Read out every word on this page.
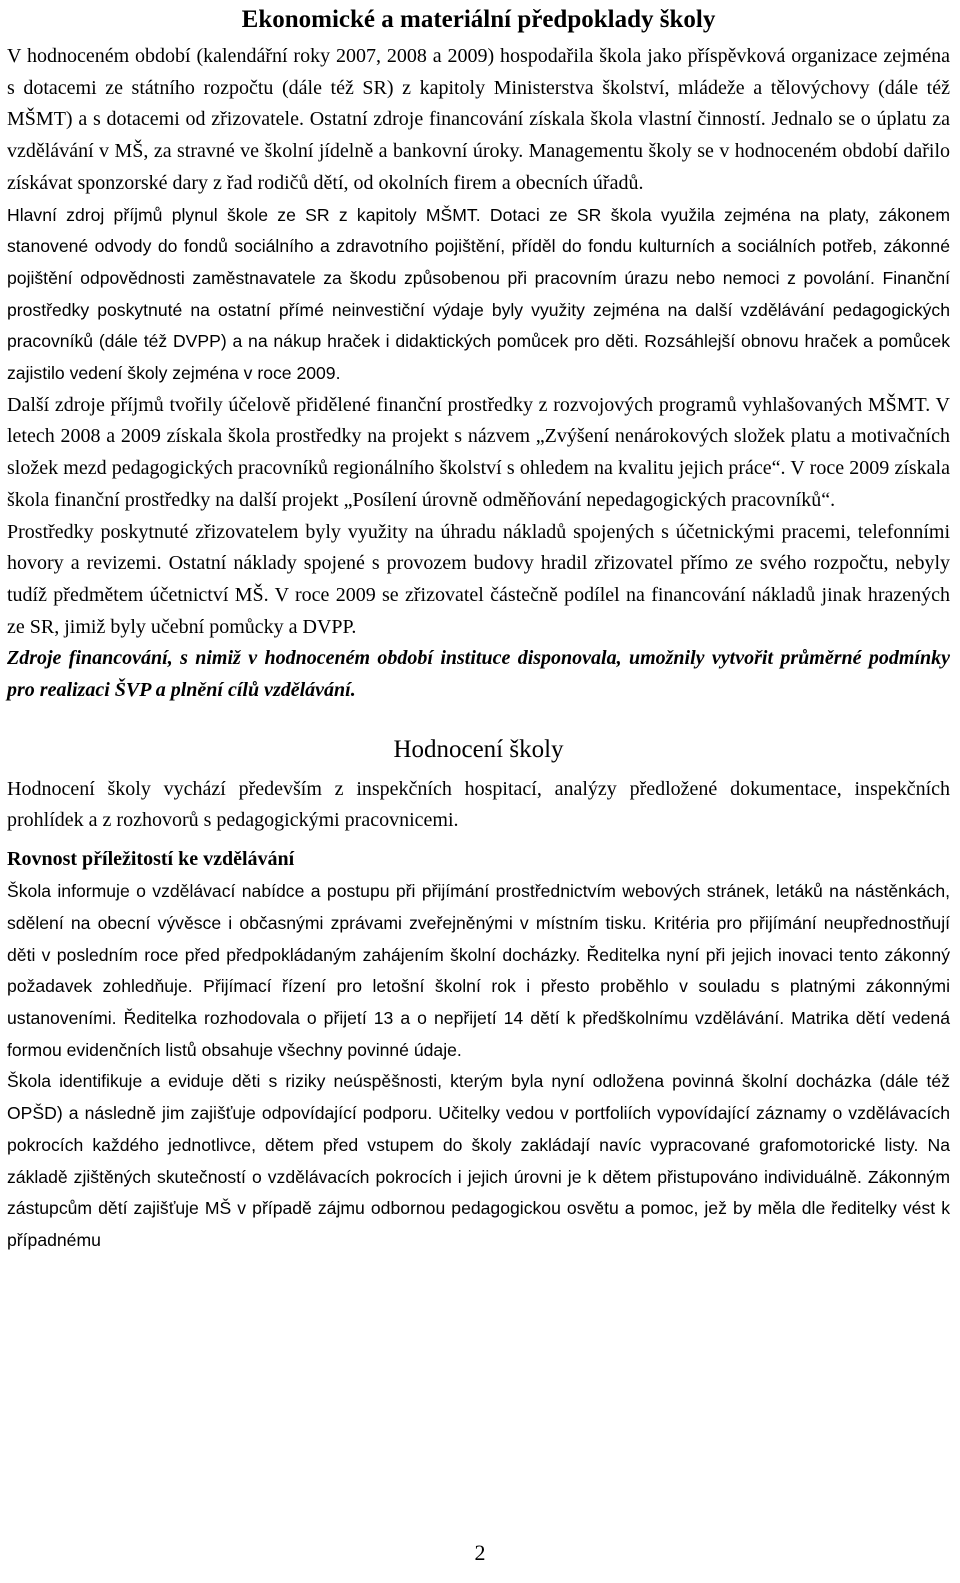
Ekonomické a materiální předpoklady školy

V hodnoceném období (kalendářní roky 2007, 2008 a 2009) hospodařila škola jako příspěvková organizace zejména s dotacemi ze státního rozpočtu (dále též SR) z kapitoly Ministerstva školství, mládeže a tělovýchovy (dále též MŠMT) a s dotacemi od zřizovatele. Ostatní zdroje financování získala škola vlastní činností. Jednalo se o úplatu za vzdělávání v MŠ, za stravné ve školní jídelně a bankovní úroky. Managementu školy se v hodnoceném období dařilo získávat sponzorské dary z řad rodičů dětí, od okolních firem a obecních úřadů.

Hlavní zdroj příjmů plynul škole ze SR z kapitoly MŠMT. Dotaci ze SR škola využila zejména na platy, zákonem stanovené odvody do fondů sociálního a zdravotního pojištění, příděl do fondu kulturních a sociálních potřeb, zákonné pojištění odpovědnosti zaměstnavatele za škodu způsobenou při pracovním úrazu nebo nemoci z povolání. Finanční prostředky poskytnuté na ostatní přímé neinvestiční výdaje byly využity zejména na další vzdělávání pedagogických pracovníků (dále též DVPP) a na nákup hraček i didaktických pomůcek pro děti. Rozsáhlejší obnovu hraček a pomůcek zajistilo vedení školy zejména v roce 2009.

Další zdroje příjmů tvořily účelově přidělené finanční prostředky z rozvojových programů vyhlašovaných MŠMT. V letech 2008 a 2009 získala škola prostředky na projekt s názvem „Zvýšení nenárokových složek platu a motivačních složek mezd pedagogických pracovníků regionálního školství s ohledem na kvalitu jejich práce“. V roce 2009 získala škola finanční prostředky na další projekt „Posílení úrovně odměňování nepedagogických pracovníků“.

Prostředky poskytnuté zřizovatelem byly využity na úhradu nákladů spojených s účetnickými pracemi, telefonními hovory a revizemi. Ostatní náklady spojené s provozem budovy hradil zřizovatel přímo ze svého rozpočtu, nebyly tudíž předmětem účetnictví MŠ. V roce 2009 se zřizovatel částečně podílel na financování nákladů jinak hrazených ze SR, jimiž byly učební pomůcky a DVPP.

Zdroje financování, s nimiž v hodnoceném období instituce disponovala, umožnily vytvořit průměrné podmínky pro realizaci ŠVP a plnění cílů vzdělávání.

Hodnocení školy

Hodnocení školy vychází především z inspekčních hospitací, analýzy předložené dokumentace, inspekčních prohlídek a z rozhovorů s pedagogickými pracovnicemi.

Rovnost příležitostí ke vzdělávání

Škola informuje o vzdělávací nabídce a postupu při přijímání prostřednictvím webových stránek, letáků na nástěnkách, sdělení na obecní vývěsce i občasnými zprávami zveřejněnými v místním tisku. Kritéria pro přijímání neupřednostňují děti v posledním roce před předpokládaným zahájením školní docházky. Ředitelka nyní při jejich inovaci tento zákonný požadavek zohledňuje. Přijímací řízení pro letošní školní rok i přesto proběhlo v souladu s platnými zákonnými ustanoveními. Ředitelka rozhodovala o přijetí 13 a o nepřijetí 14 dětí k předškolnímu vzdělávání. Matrika dětí vedená formou evidenčních listů obsahuje všechny povinné údaje.

Škola identifikuje a eviduje děti s riziky neúspěšnosti, kterým byla nyní odložena povinná školní docházka (dále též OPŠD) a následně jim zajišťuje odpovídající podporu. Učitelky vedou v portfoliích vypovídající záznamy o vzdělávacích pokrocích každého jednotlivce, dětem před vstupem do školy zakládají navíc vypracované grafomotorické listy. Na základě zjištěných skutečností o vzdělávacích pokrocích i jejich úrovni je k dětem přistupováno individuálně. Zákonným zástupcům dětí zajišťuje MŠ v případě zájmu odbornou pedagogickou osvětu a pomoc, jež by měla dle ředitelky vést k případnému

2
